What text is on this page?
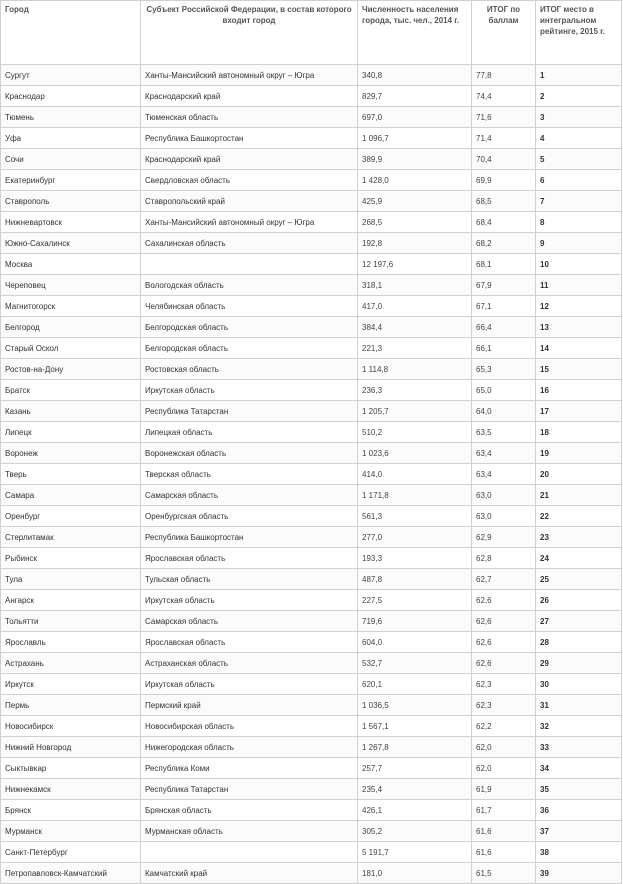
Город	Субъект Российской Федерации, в состав которого входит город	Численность населения города, тыс. чел., 2014 г.	ИТОГ по баллам	ИТОГ место в интегральном рейтинге, 2015 г.
Сургут	Ханты-Мансийский автономный округ – Югра	340,8	77,8	1
Краснодар	Краснодарский край	829,7	74,4	2
Тюмень	Тюменская область	697,0	71,6	3
Уфа	Республика Башкортостан	1 096,7	71,4	4
Сочи	Краснодарский край	389,9	70,4	5
Екатеринбург	Свердловская область	1 428,0	69,9	6
Ставрополь	Ставропольский край	425,9	68,5	7
Нижневартовск	Ханты-Мансийский автономный округ – Югра	268,5	68,4	8
Южно-Сахалинск	Сахалинская область	192,8	68,2	9
Москва		12 197,6	68,1	10
Череповец	Вологодская область	318,1	67,9	11
Магнитогорск	Челябинская область	417,0	67,1	12
Белгород	Белгородская область	384,4	66,4	13
Старый Оскол	Белгородская область	221,3	66,1	14
Ростов-на-Дону	Ростовская область	1 114,8	65,3	15
Братск	Иркутская область	236,3	65,0	16
Казань	Республика Татарстан	1 205,7	64,0	17
Липецк	Липецкая область	510,2	63,5	18
Воронеж	Воронежская область	1 023,6	63,4	19
Тверь	Тверская область	414,0	63,4	20
Самара	Самарская область	1 171,8	63,0	21
Оренбург	Оренбургская область	561,3	63,0	22
Стерлитамак	Республика Башкортостан	277,0	62,9	23
Рыбинск	Ярославская область	193,3	62,8	24
Тула	Тульская область	487,8	62,7	25
Ангарск	Иркутская область	227,5	62,6	26
Тольятти	Самарская область	719,6	62,6	27
Ярославль	Ярославская область	604,0	62,6	28
Астрахань	Астраханская область	532,7	62,6	29
Иркутск	Иркутская область	620,1	62,3	30
Пермь	Пермский край	1 036,5	62,3	31
Новосибирск	Новосибирская область	1 567,1	62,2	32
Нижний Новгород	Нижегородская область	1 267,8	62,0	33
Сыктывкар	Республика Коми	257,7	62,0	34
Нижнекамск	Республика Татарстан	235,4	61,9	35
Брянск	Брянская область	426,1	61,7	36
Мурманск	Мурманская область	305,2	61,6	37
Санкт-Петербург		5 191,7	61,6	38
Петропавловск-Камчатский	Камчатский край	181,0	61,5	39
